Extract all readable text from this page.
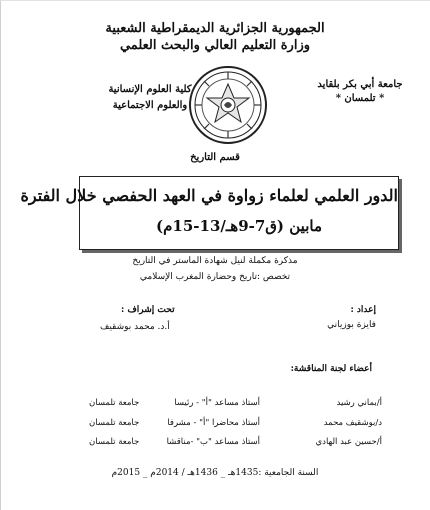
الجمهورية الجزائرية الديمقراطية الشعبية
وزارة التعليم العالي والبحث العلمي
جامعة أبي بكر بلقايد
* تلمسان *
كلية العلوم الإنسانية
والعلوم الاجتماعية
قسم التاريخ
الدور العلمي لعلماء زواوة في العهد الحفصي خلال الفترة
مابين (ق7-9هـ/13-15م)
مذكرة مكملة لنيل شهادة الماستر في التاريخ
تخصص :تاريخ وحضارة المغرب الإسلامي
إعداد :
فايزة بوزياني
تحت إشراف :
أ.د. محمد بوشقيف
أعضاء لجنة المناقشة:
أ/بماني رشيد
أستاذ مساعد "أ" - رئيسا
جامعة تلمسان
د/بوشقيف محمد
أستاذ محاضرا "أ" - مشرفا
جامعة تلمسان
أ/حسين عبد الهادي
أستاذ مساعد "ب" -مناقشا
جامعة تلمسان
السنة الجامعية :1435هـ _ 1436هـ / 2014م _ 2015م
